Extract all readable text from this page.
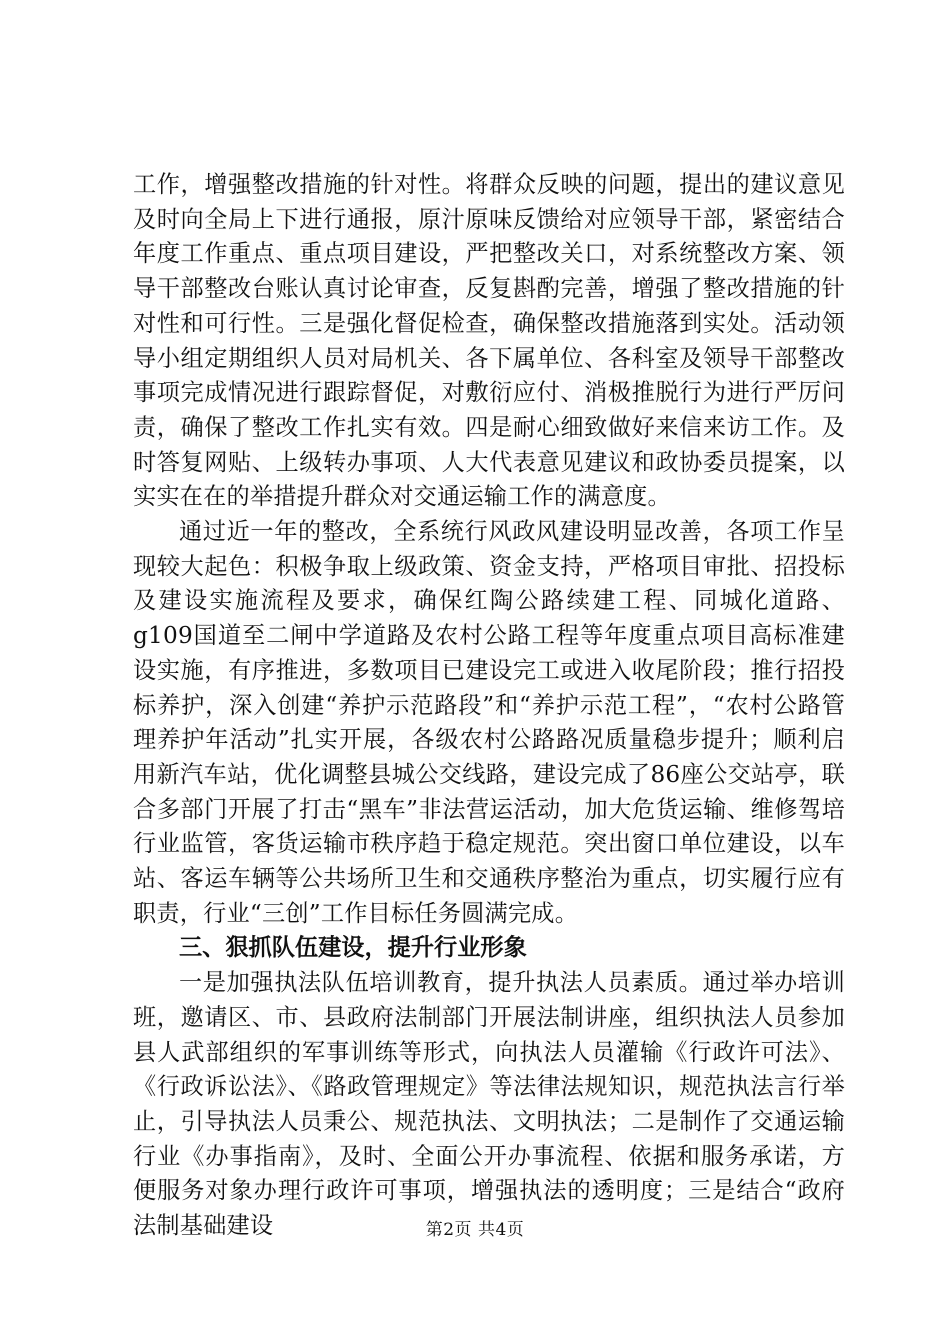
工作，增强整改措施的针对性。将群众反映的问题，提出的建议意见及时向全局上下进行通报，原汁原味反馈给对应领导干部，紧密结合年度工作重点、重点项目建设，严把整改关口，对系统整改方案、领导干部整改台账认真讨论审查，反复斟酌完善，增强了整改措施的针对性和可行性。三是强化督促检查，确保整改措施落到实处。活动领导小组定期组织人员对局机关、各下属单位、各科室及领导干部整改事项完成情况进行跟踪督促，对敷衍应付、消极推脱行为进行严厉问责，确保了整改工作扎实有效。四是耐心细致做好来信来访工作。及时答复网贴、上级转办事项、人大代表意见建议和政协委员提案，以实实在在的举措提升群众对交通运输工作的满意度。

通过近一年的整改，全系统行风政风建设明显改善，各项工作呈现较大起色：积极争取上级政策、资金支持，严格项目审批、招投标及建设实施流程及要求，确保红陶公路续建工程、同城化道路、g109国道至二闸中学道路及农村公路工程等年度重点项目高标准建设实施，有序推进，多数项目已建设完工或进入收尾阶段；推行招投标养护，深入创建“养护示范路段”和“养护示范工程”，“农村公路管理养护年活动”扎实开展，各级农村公路路况质量稳步提升；顺利启用新汽车站，优化调整县城公交线路，建设完成了86座公交站亭，联合多部门开展了打击“黑车”非法营运活动，加大危货运输、维修驾培行业监管，客货运输市秩序趋于稳定规范。突出窗口单位建设，以车站、客运车辆等公共场所卫生和交通秩序整治为重点，切实履行应有职责，行业“三创”工作目标任务圆满完成。

三、狠抓队伍建设，提升行业形象

一是加强执法队伍培训教育，提升执法人员素质。通过举办培训班，邀请区、市、县政府法制部门开展法制讲座，组织执法人员参加县人武部组织的军事训练等形式，向执法人员灌输《行政许可法》、《行政诉讼法》、《路政管理规定》等法律法规知识，规范执法言行举止，引导执法人员秉公、规范执法、文明执法；二是制作了交通运输行业《办事指南》，及时、全面公开办事流程、依据和服务承诺，方便服务对象办理行政许可事项，增强执法的透明度；三是结合“政府法制基础建设	第2页 共4页
